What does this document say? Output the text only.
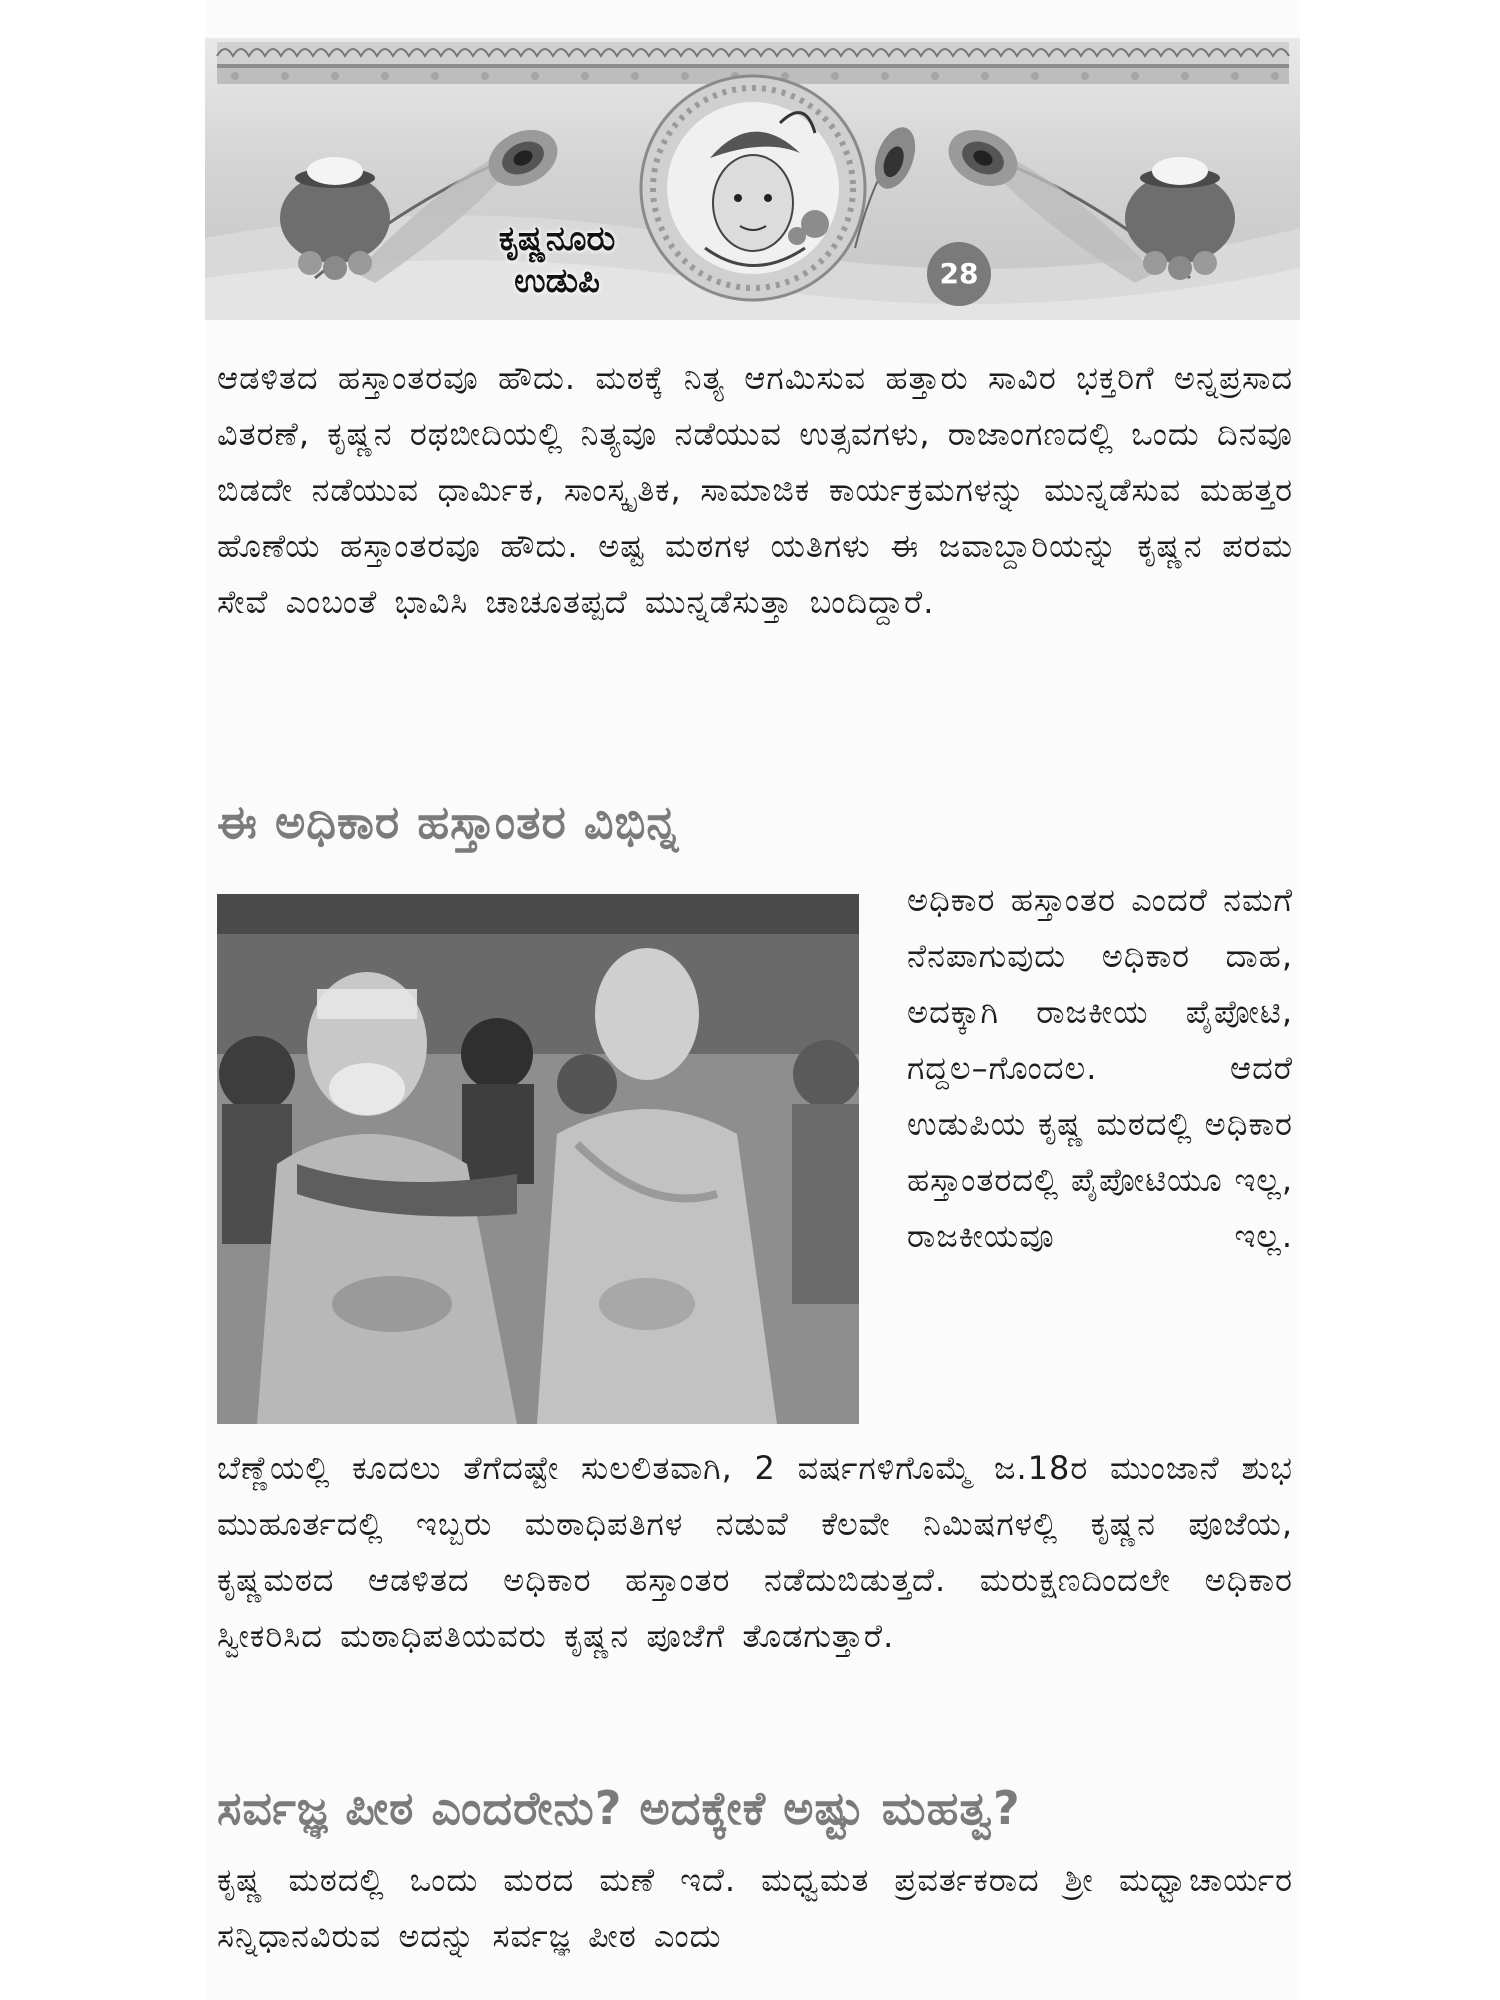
ಕೃಷ್ಣನೂರು
ಉಡುಪಿ	28

ಆಡಳಿತದ ಹಸ್ತಾಂತರವೂ ಹೌದು. ಮಠಕ್ಕೆ ನಿತ್ಯ ಆಗಮಿಸುವ ಹತ್ತಾರು ಸಾವಿರ ಭಕ್ತರಿಗೆ ಅನ್ನಪ್ರಸಾದ ವಿತರಣೆ, ಕೃಷ್ಣನ ರಥಬೀದಿಯಲ್ಲಿ ನಿತ್ಯವೂ ನಡೆಯುವ ಉತ್ಸವಗಳು, ರಾಜಾಂಗಣದಲ್ಲಿ ಒಂದು ದಿನವೂ ಬಿಡದೇ ನಡೆಯುವ ಧಾರ್ಮಿಕ, ಸಾಂಸ್ಕೃತಿಕ, ಸಾಮಾಜಿಕ ಕಾರ್ಯಕ್ರಮಗಳನ್ನು ಮುನ್ನಡೆಸುವ ಮಹತ್ತರ ಹೊಣೆಯ ಹಸ್ತಾಂತರವೂ ಹೌದು. ಅಷ್ಟ ಮಠಗಳ ಯತಿಗಳು ಈ ಜವಾಬ್ದಾರಿಯನ್ನು ಕೃಷ್ಣನ ಪರಮ ಸೇವೆ ಎಂಬಂತೆ ಭಾವಿಸಿ ಚಾಚೂತಪ್ಪದೆ ಮುನ್ನಡೆಸುತ್ತಾ ಬಂದಿದ್ದಾರೆ.

ಈ ಅಧಿಕಾರ ಹಸ್ತಾಂತರ ವಿಭಿನ್ನ

ಅಧಿಕಾರ ಹಸ್ತಾಂತರ ಎಂದರೆ ನಮಗೆ ನೆನಪಾಗುವುದು ಅಧಿಕಾರ ದಾಹ, ಅದಕ್ಕಾಗಿ ರಾಜಕೀಯ ಪೈಪೋಟಿ, ಗದ್ದಲ–ಗೊಂದಲ. ಆದರೆ ಉಡುಪಿಯ ಕೃಷ್ಣ ಮಠದಲ್ಲಿ ಅಧಿಕಾರ ಹಸ್ತಾಂತರದಲ್ಲಿ ಪೈಪೋಟಿಯೂ ಇಲ್ಲ, ರಾಜಕೀಯವೂ ಇಲ್ಲ.

ಬೆಣ್ಣೆಯಲ್ಲಿ ಕೂದಲು ತೆಗೆದಷ್ಟೇ ಸುಲಲಿತವಾಗಿ, 2 ವರ್ಷಗಳಿಗೊಮ್ಮೆ ಜ.18ರ ಮುಂಜಾನೆ ಶುಭ ಮುಹೂರ್ತದಲ್ಲಿ ಇಬ್ಬರು ಮಠಾಧಿಪತಿಗಳ ನಡುವೆ ಕೆಲವೇ ನಿಮಿಷಗಳಲ್ಲಿ ಕೃಷ್ಣನ ಪೂಜೆಯ, ಕೃಷ್ಣಮಠದ ಆಡಳಿತದ ಅಧಿಕಾರ ಹಸ್ತಾಂತರ ನಡೆದುಬಿಡುತ್ತದೆ. ಮರುಕ್ಷಣದಿಂದಲೇ ಅಧಿಕಾರ ಸ್ವೀಕರಿಸಿದ ಮಠಾಧಿಪತಿಯವರು ಕೃಷ್ಣನ ಪೂಜೆಗೆ ತೊಡಗುತ್ತಾರೆ.

ಸರ್ವಜ್ಞ ಪೀಠ ಎಂದರೇನು? ಅದಕ್ಕೇಕೆ ಅಷ್ಟು ಮಹತ್ವ?

ಕೃಷ್ಣ ಮಠದಲ್ಲಿ ಒಂದು ಮರದ ಮಣೆ ಇದೆ. ಮಧ್ವಮತ ಪ್ರವರ್ತಕರಾದ ಶ್ರೀ ಮಧ್ವಾಚಾರ್ಯರ ಸನ್ನಿಧಾನವಿರುವ ಅದನ್ನು ಸರ್ವಜ್ಞ ಪೀಠ ಎಂದು
